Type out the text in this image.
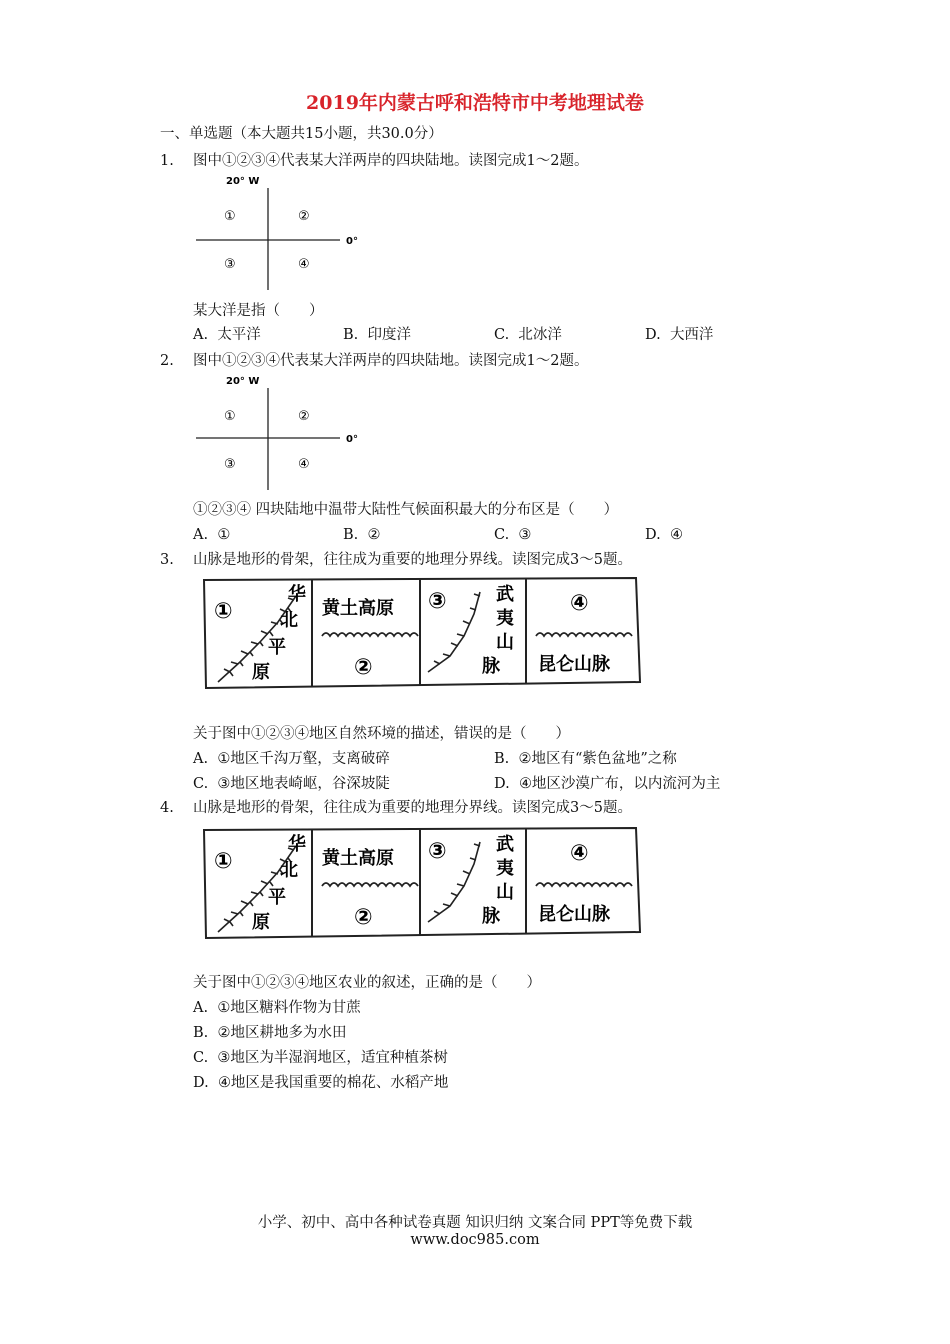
2019年内蒙古呼和浩特市中考地理试卷
一、单选题（本大题共15小题，共30.0分）
1. 图中①②③④代表某大洋两岸的四块陆地。读图完成1～2题。
20° W
0°
①	②
③	④
某大洋是指（　　）
A. 太平洋	B. 印度洋	C. 北冰洋	D. 大西洋
2. 图中①②③④代表某大洋两岸的四块陆地。读图完成1～2题。
20° W
0°
①	②
③	④
①②③④ 四块陆地中温带大陆性气候面积最大的分布区是（　　）
A. ①	B. ②	C. ③	D. ④
3. 山脉是地形的骨架，往往成为重要的地理分界线。读图完成3～5题。
①
华
北
平
原
黄土高原
②
③	武
夷
山
脉
④
昆仑山脉
关于图中①②③④地区自然环境的描述，错误的是（　　）
A. ①地区千沟万壑，支离破碎	B. ②地区有“紫色盆地”之称
C. ③地区地表崎岖，谷深坡陡	D. ④地区沙漠广布，以内流河为主
4. 山脉是地形的骨架，往往成为重要的地理分界线。读图完成3～5题。
①
华
北
平
原
黄土高原
②
③	武
夷
山
脉
④
昆仑山脉
关于图中①②③④地区农业的叙述，正确的是（　　）
A. ①地区糖料作物为甘蔗
B. ②地区耕地多为水田
C. ③地区为半湿润地区，适宜种植茶树
D. ④地区是我国重要的棉花、水稻产地
小学、初中、高中各种试卷真题 知识归纳 文案合同 PPT等免费下载
www.doc985.com
